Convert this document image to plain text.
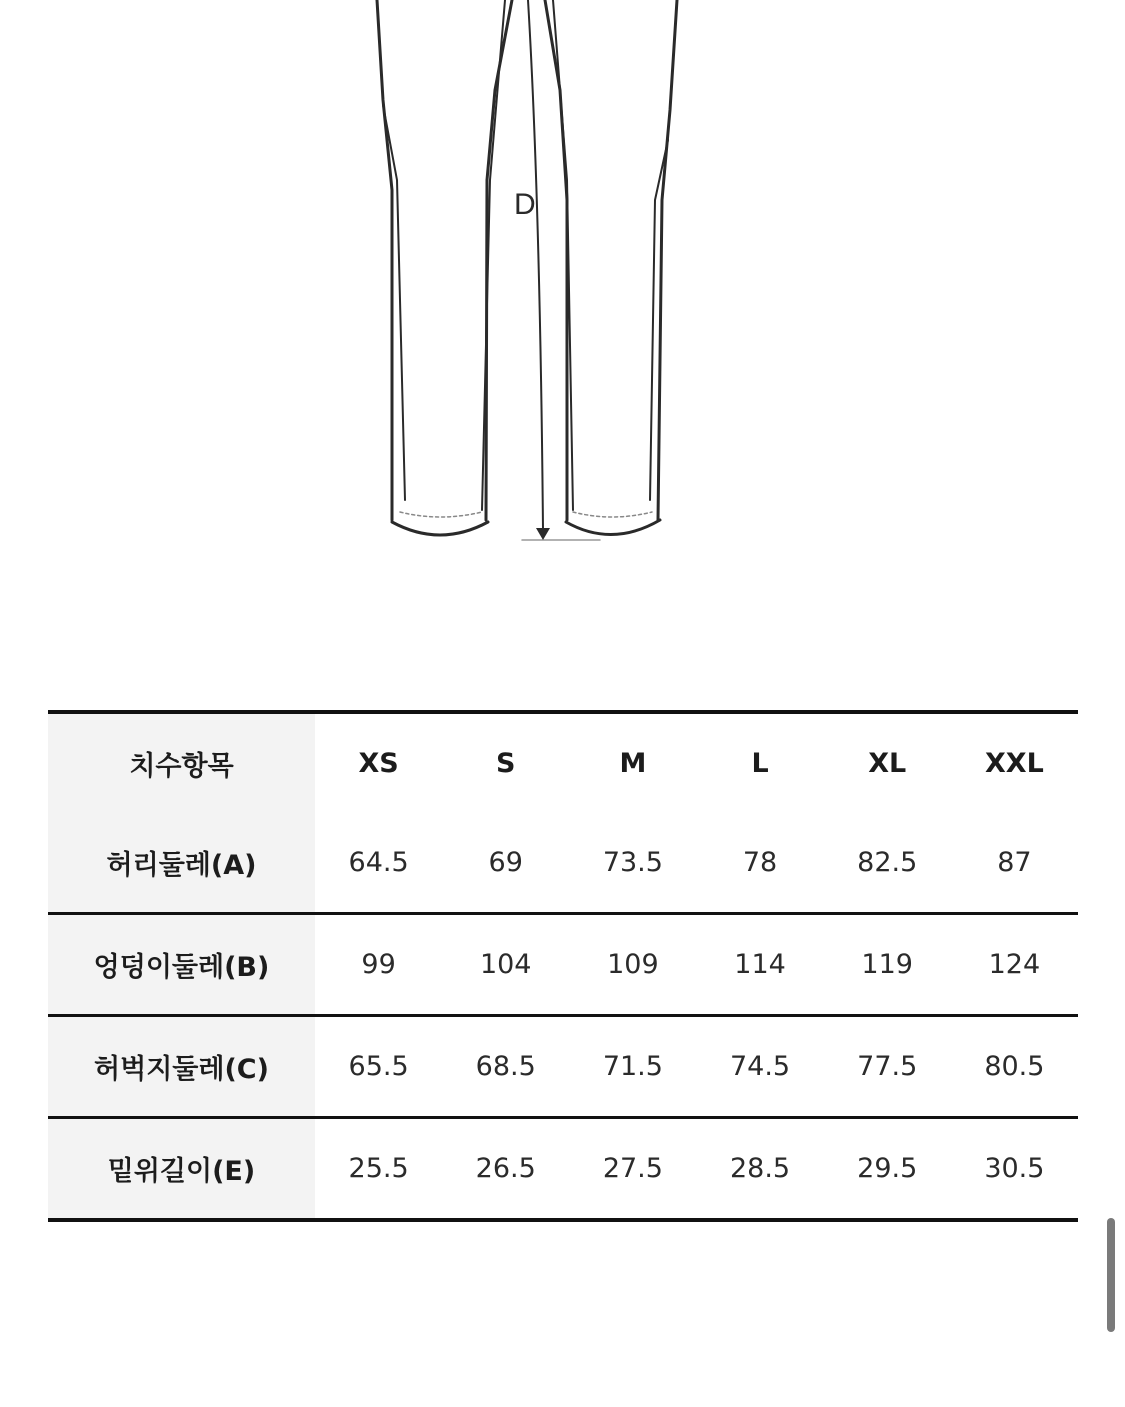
D
치수항목	XS	S	M	L	XL	XXL
허리둘레(A)	64.5	69	73.5	78	82.5	87
엉덩이둘레(B)	99	104	109	114	119	124
허벅지둘레(C)	65.5	68.5	71.5	74.5	77.5	80.5
밑위길이(E)	25.5	26.5	27.5	28.5	29.5	30.5
